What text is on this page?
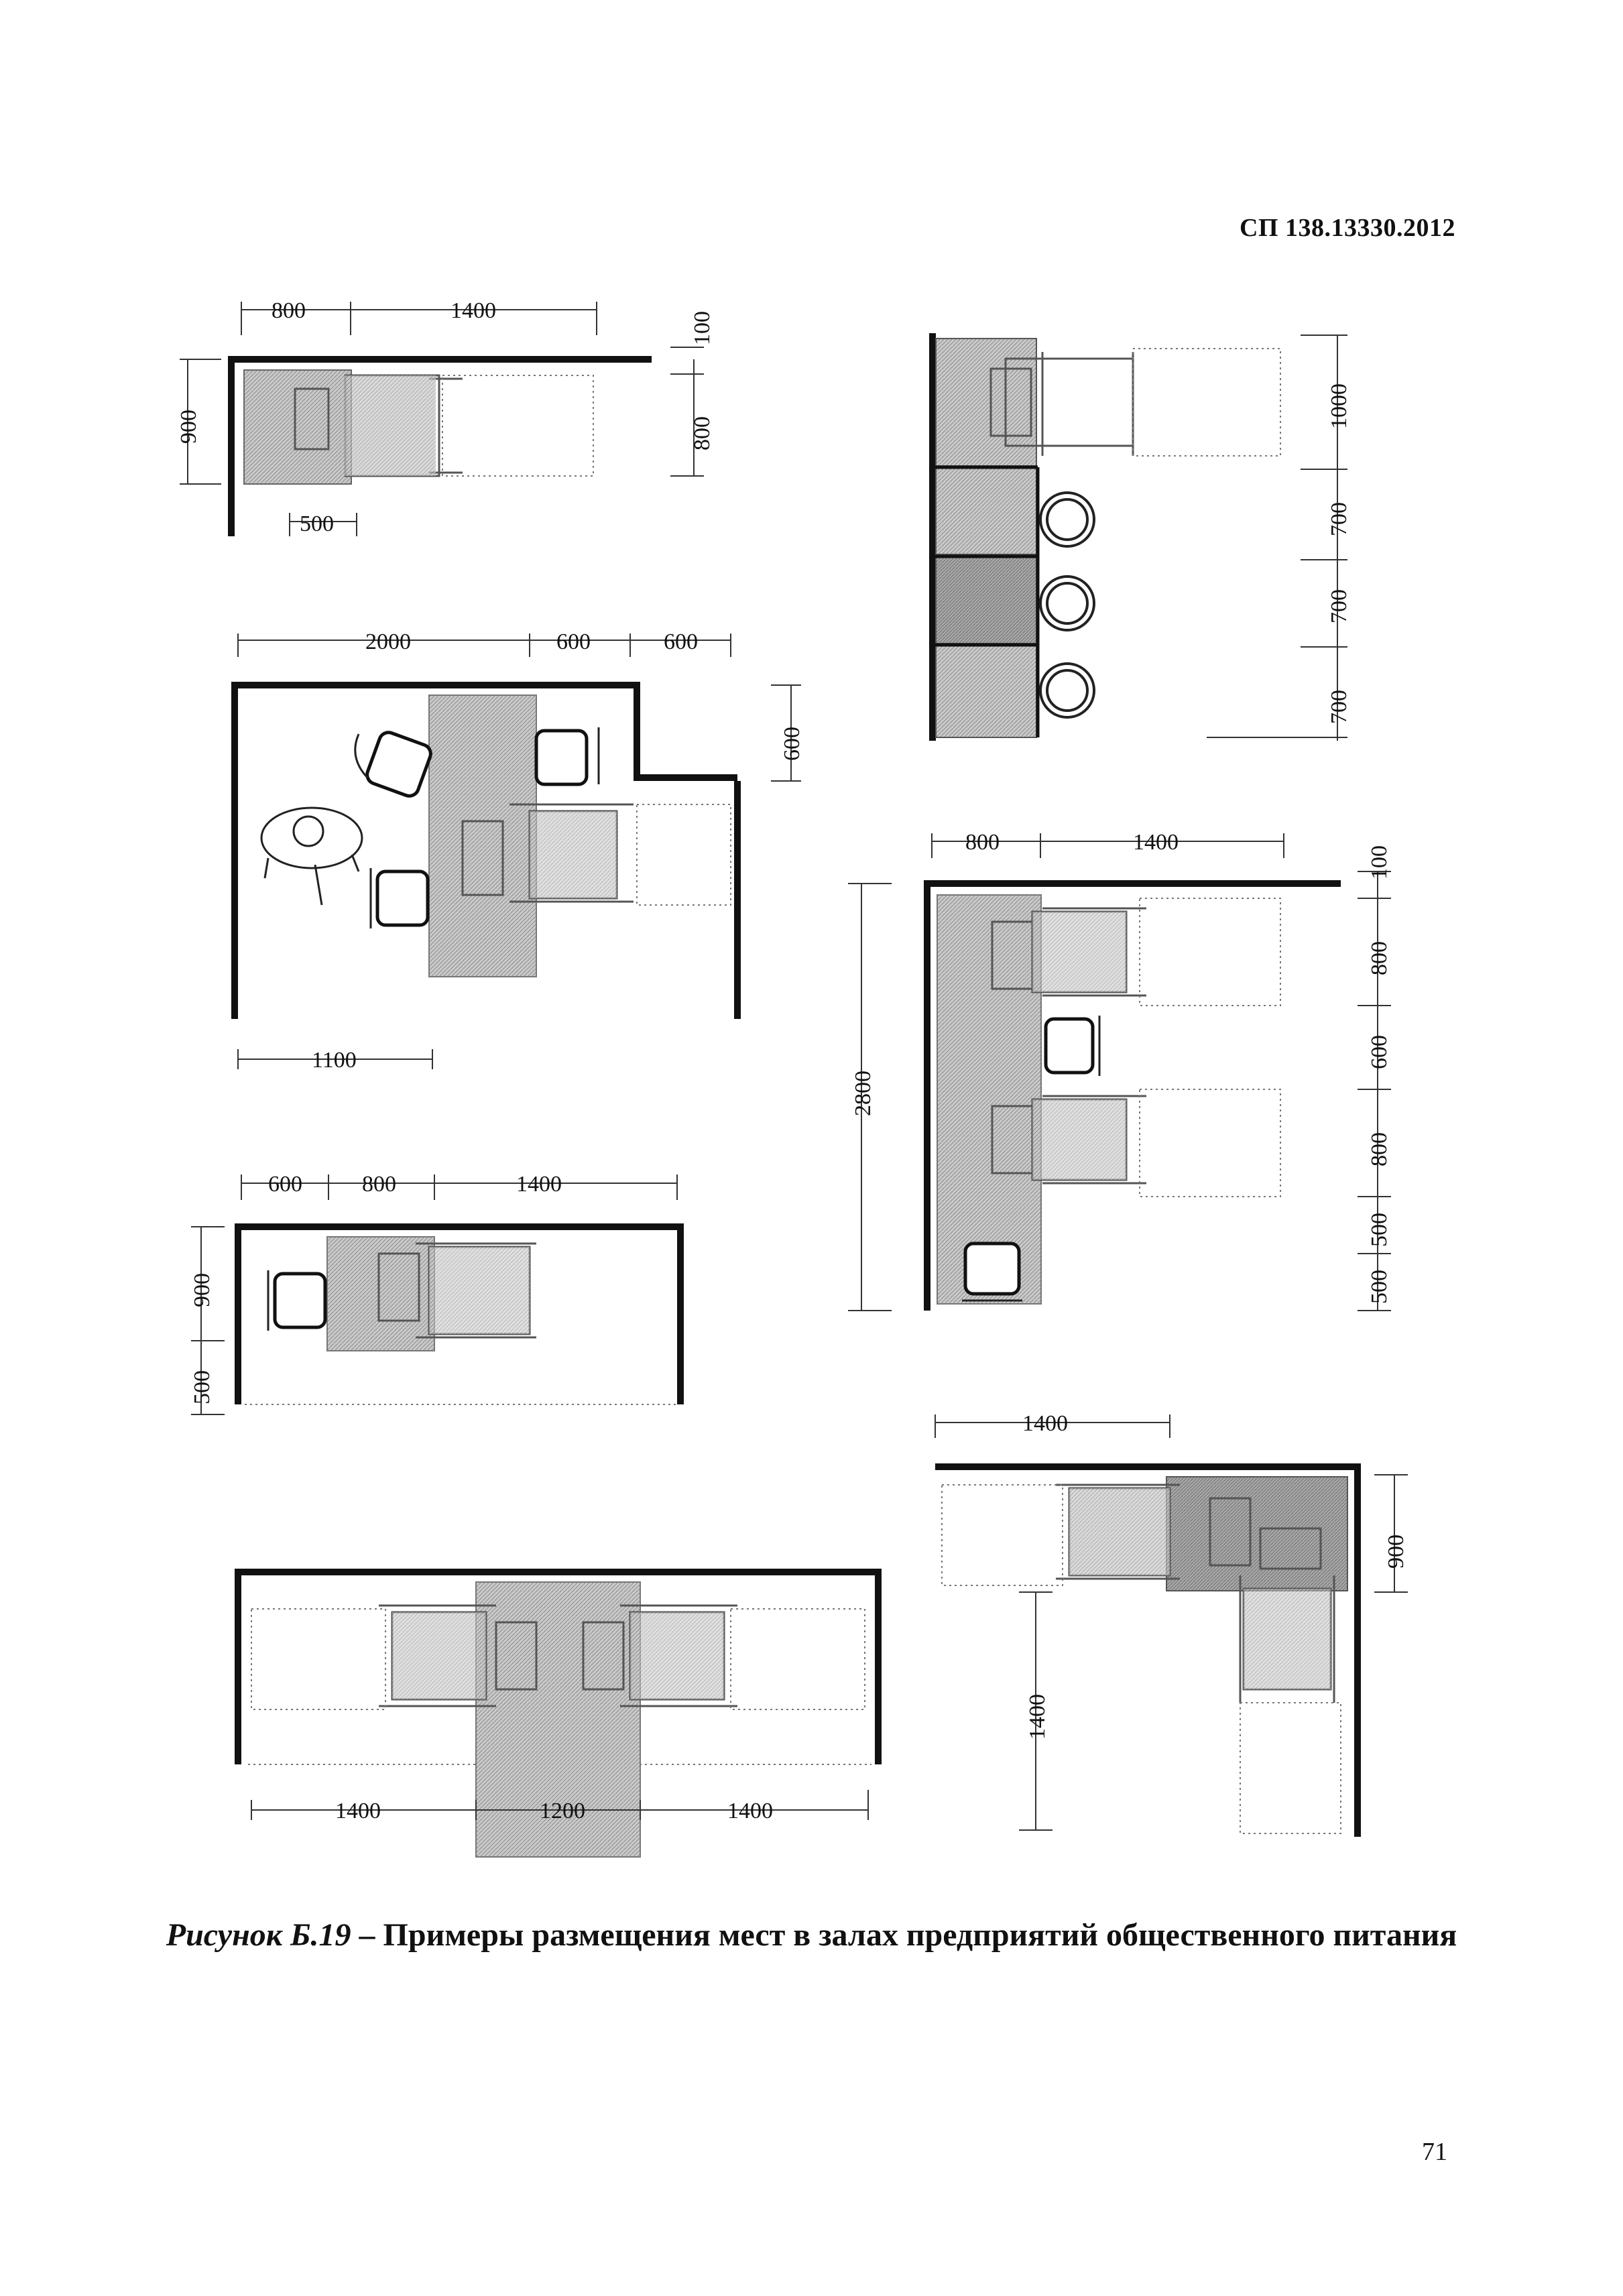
СП 138.13330.2012
800	1400
100
800
900
500
1000
700
700
700
2000	600	600
600
1100
800	1400
100
800
600
800
500
500
2800
600	800	1400
900
500
1400
900
1400
1400	1200	1400
Рисунок Б.19 – Примеры размещения мест в залах предприятий общественного питания
71
